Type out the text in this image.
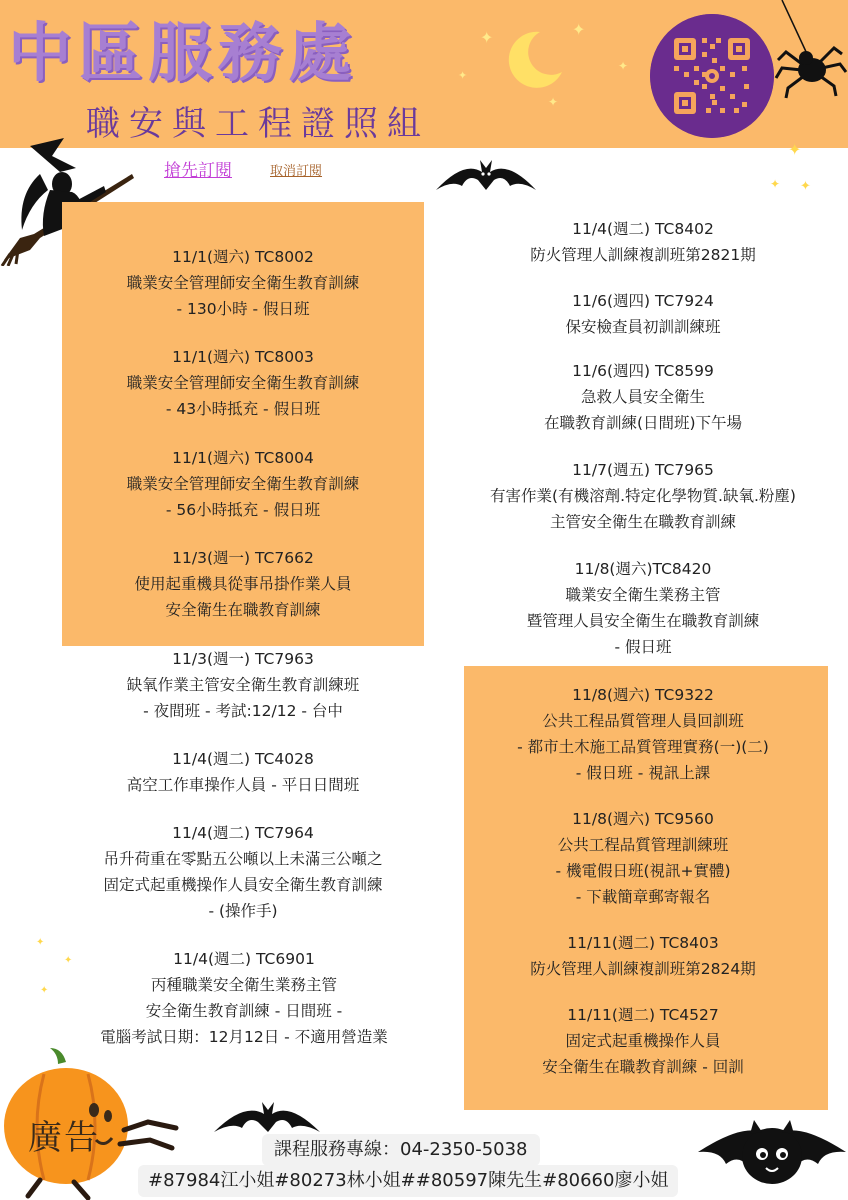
中區服務處
職安與工程證照組
✦	✦
✦
✦
✦
✦
✦ ✦
✦
✦
✦
搶先訂閱	取消訂閱
11/1(週六) TC8002
職業安全管理師安全衛生教育訓練
- 130小時 - 假日班
11/1(週六) TC8003
職業安全管理師安全衛生教育訓練
- 43小時抵充 - 假日班
11/1(週六) TC8004
職業安全管理師安全衛生教育訓練
- 56小時抵充 - 假日班
11/3(週一) TC7662
使用起重機具從事吊掛作業人員
安全衛生在職教育訓練
11/3(週一) TC7963
缺氧作業主管安全衛生教育訓練班
- 夜間班 - 考試:12/12 - 台中
11/4(週二) TC4028
高空工作車操作人員 - 平日日間班
11/4(週二) TC7964
吊升荷重在零點五公噸以上未滿三公噸之
固定式起重機操作人員安全衛生教育訓練
- (操作手)
11/4(週二) TC6901
丙種職業安全衛生業務主管
安全衛生教育訓練 - 日間班 -
電腦考試日期：12月12日 - 不適用營造業
11/4(週二) TC8402
防火管理人訓練複訓班第2821期
11/6(週四) TC7924
保安檢查員初訓訓練班
11/6(週四) TC8599
急救人員安全衛生
在職教育訓練(日間班)下午場
11/7(週五) TC7965
有害作業(有機溶劑.特定化學物質.缺氧.粉塵)
主管安全衛生在職教育訓練
11/8(週六)TC8420
職業安全衛生業務主管
暨管理人員安全衛生在職教育訓練
- 假日班
11/8(週六) TC9322
公共工程品質管理人員回訓班
- 都市土木施工品質管理實務(一)(二)
- 假日班 - 視訊上課
11/8(週六) TC9560
公共工程品質管理訓練班
- 機電假日班(視訊+實體)
- 下載簡章郵寄報名
11/11(週二) TC8403
防火管理人訓練複訓班第2824期
11/11(週二) TC4527
固定式起重機操作人員
安全衛生在職教育訓練 - 回訓
廣告	課程服務專線：04-2350-5038
#87984江小姐#80273林小姐##80597陳先生#80660廖小姐
